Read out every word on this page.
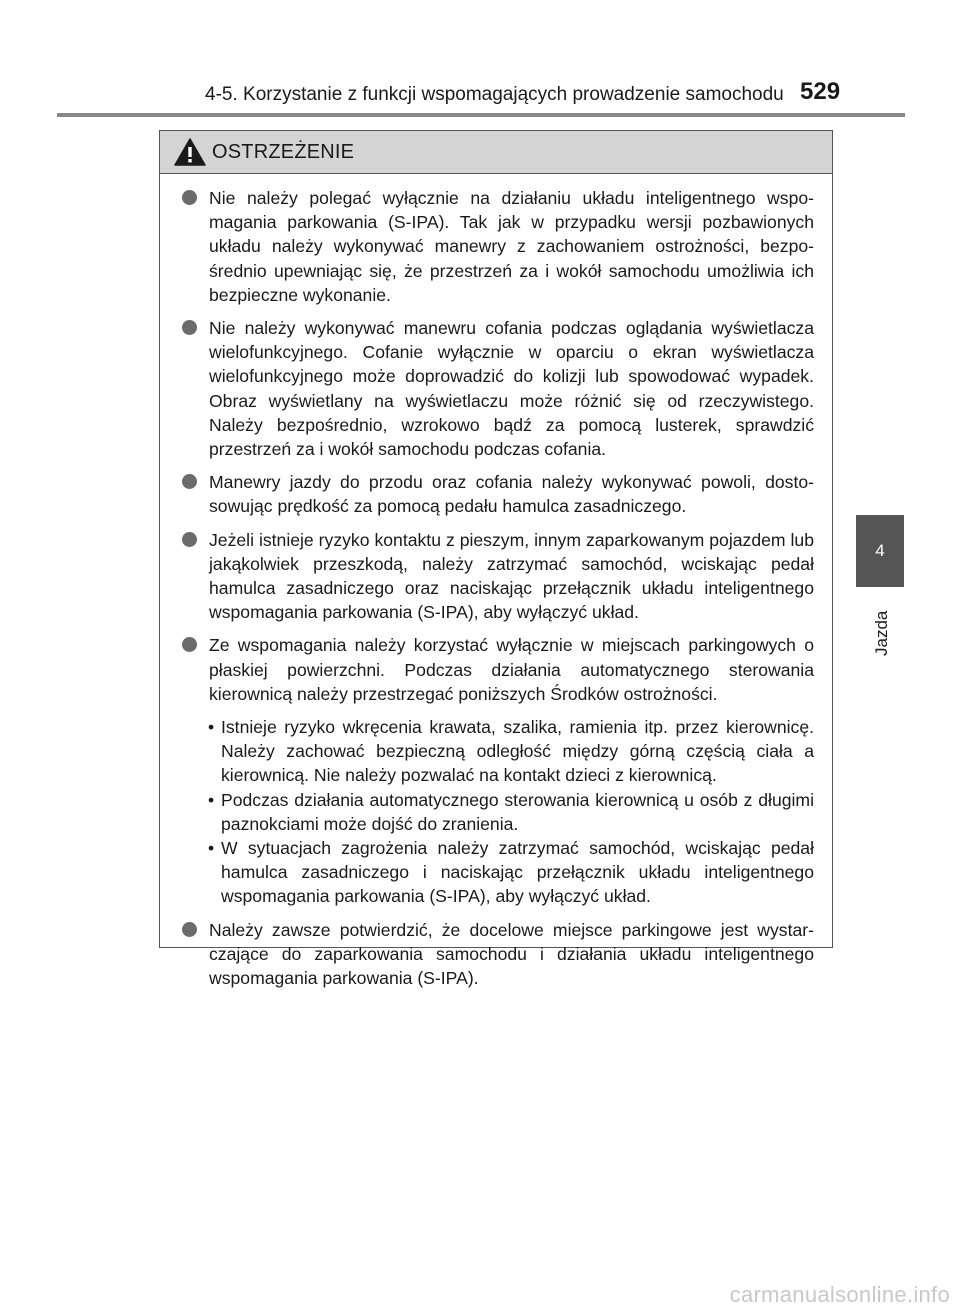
4-5. Korzystanie z funkcji wspomagających prowadzenie samochodu 529
4
Jazda
OSTRZEŻENIE
Nie należy polegać wyłącznie na działaniu układu inteligentnego wspomagania parkowania (S-IPA). Tak jak w przypadku wersji pozbawionych układu należy wykonywać manewry z zachowaniem ostrożności, bezpośrednio upewniając się, że przestrzeń za i wokół samochodu umożliwia ich bezpieczne wykonanie.
Nie należy wykonywać manewru cofania podczas oglądania wyświetlacza wielofunkcyjnego. Cofanie wyłącznie w oparciu o ekran wyświetlacza wielofunkcyjnego może doprowadzić do kolizji lub spowodować wypadek. Obraz wyświetlany na wyświetlaczu może różnić się od rzeczywistego. Należy bezpośrednio, wzrokowo bądź za pomocą lusterek, sprawdzić przestrzeń za i wokół samochodu podczas cofania.
Manewry jazdy do przodu oraz cofania należy wykonywać powoli, dostosowując prędkość za pomocą pedału hamulca zasadniczego.
Jeżeli istnieje ryzyko kontaktu z pieszym, innym zaparkowanym pojazdem lub jakąkolwiek przeszkodą, należy zatrzymać samochód, wciskając pedał hamulca zasadniczego oraz naciskając przełącznik układu inteligentnego wspomagania parkowania (S-IPA), aby wyłączyć układ.
Ze wspomagania należy korzystać wyłącznie w miejscach parkingowych o płaskiej powierzchni. Podczas działania automatycznego sterowania kierownicą należy przestrzegać poniższych Środków ostrożności.
• Istnieje ryzyko wkręcenia krawata, szalika, ramienia itp. przez kierownicę. Należy zachować bezpieczną odległość między górną częścią ciała a kierownicą. Nie należy pozwalać na kontakt dzieci z kierownicą.
• Podczas działania automatycznego sterowania kierownicą u osób z długimi paznokciami może dojść do zranienia.
• W sytuacjach zagrożenia należy zatrzymać samochód, wciskając pedał hamulca zasadniczego i naciskając przełącznik układu inteligentnego wspomagania parkowania (S-IPA), aby wyłączyć układ.
Należy zawsze potwierdzić, że docelowe miejsce parkingowe jest wystarczające do zaparkowania samochodu i działania układu inteligentnego wspomagania parkowania (S-IPA).
carmanualsonline.info
